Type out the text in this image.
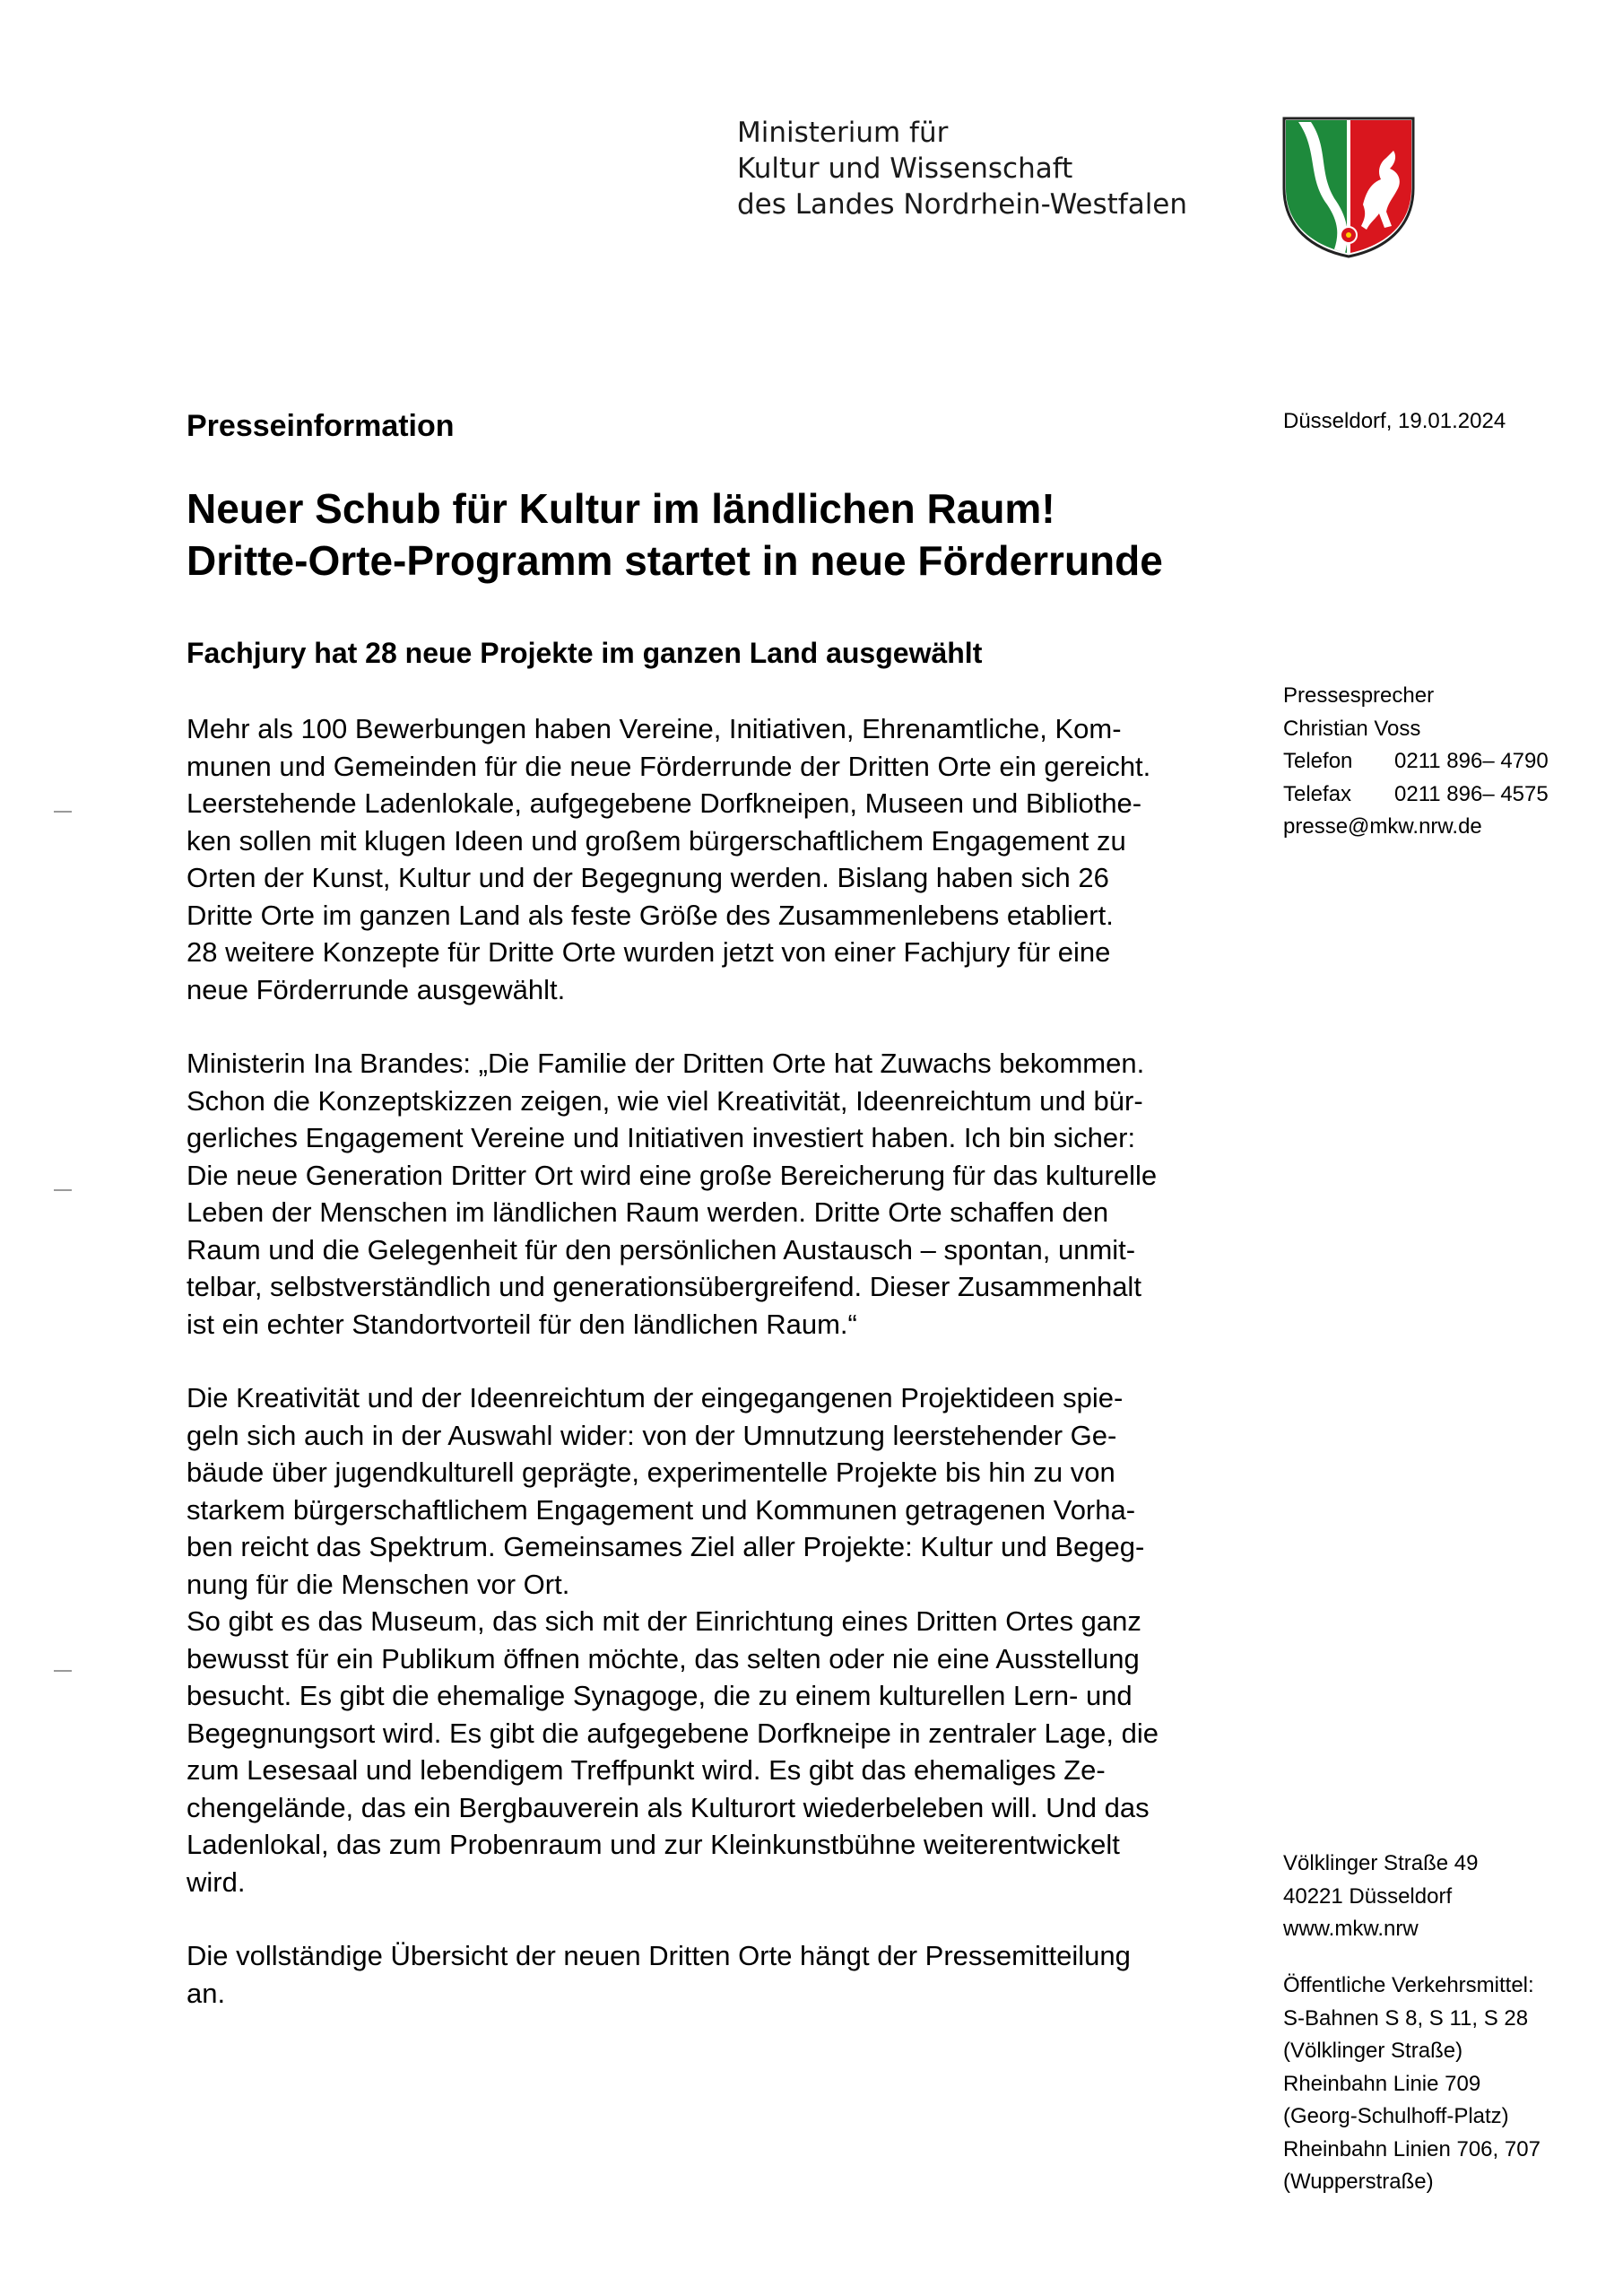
Ministerium für
Kultur und Wissenschaft
des Landes Nordrhein-Westfalen
Presseinformation	Düsseldorf, 19.01.2024
Neuer Schub für Kultur im ländlichen Raum!
Dritte-Orte-Programm startet in neue Förderrunde
Fachjury hat 28 neue Projekte im ganzen Land ausgewählt

Mehr als 100 Bewerbungen haben Vereine, Initiativen, Ehrenamtliche, Kom-
munen und Gemeinden für die neue Förderrunde der Dritten Orte ein gereicht.
Leerstehende Ladenlokale, aufgegebene Dorfkneipen, Museen und Bibliothe-
ken sollen mit klugen Ideen und großem bürgerschaftlichem Engagement zu
Orten der Kunst, Kultur und der Begegnung werden. Bislang haben sich 26
Dritte Orte im ganzen Land als feste Größe des Zusammenlebens etabliert.
28 weitere Konzepte für Dritte Orte wurden jetzt von einer Fachjury für eine
neue Förderrunde ausgewählt.

Ministerin Ina Brandes: „Die Familie der Dritten Orte hat Zuwachs bekommen.
Schon die Konzeptskizzen zeigen, wie viel Kreativität, Ideenreichtum und bür-
gerliches Engagement Vereine und Initiativen investiert haben. Ich bin sicher:
Die neue Generation Dritter Ort wird eine große Bereicherung für das kulturelle
Leben der Menschen im ländlichen Raum werden. Dritte Orte schaffen den
Raum und die Gelegenheit für den persönlichen Austausch – spontan, unmit-
telbar, selbstverständlich und generationsübergreifend. Dieser Zusammenhalt
ist ein echter Standortvorteil für den ländlichen Raum.“

Die Kreativität und der Ideenreichtum der eingegangenen Projektideen spie-
geln sich auch in der Auswahl wider: von der Umnutzung leerstehender Ge-
bäude über jugendkulturell geprägte, experimentelle Projekte bis hin zu von
starkem bürgerschaftlichem Engagement und Kommunen getragenen Vorha-
ben reicht das Spektrum. Gemeinsames Ziel aller Projekte: Kultur und Begeg-
nung für die Menschen vor Ort.

So gibt es das Museum, das sich mit der Einrichtung eines Dritten Ortes ganz
bewusst für ein Publikum öffnen möchte, das selten oder nie eine Ausstellung
besucht. Es gibt die ehemalige Synagoge, die zu einem kulturellen Lern- und
Begegnungsort wird. Es gibt die aufgegebene Dorfkneipe in zentraler Lage, die
zum Lesesaal und lebendigem Treffpunkt wird. Es gibt das ehemaliges Ze-
chengelände, das ein Bergbauverein als Kulturort wiederbeleben will. Und das
Ladenlokal, das zum Probenraum und zur Kleinkunstbühne weiterentwickelt
wird.

Die vollständige Übersicht der neuen Dritten Orte hängt der Pressemitteilung
an.

Pressesprecher
Christian Voss
Telefon 0211 896– 4790
Telefax 0211 896– 4575
presse@mkw.nrw.de
Völklinger Straße 49
40221 Düsseldorf
www.mkw.nrw
Öffentliche Verkehrsmittel:
S-Bahnen S 8, S 11, S 28
(Völklinger Straße)
Rheinbahn Linie 709
(Georg-Schulhoff-Platz)
Rheinbahn Linien 706, 707
(Wupperstraße)
